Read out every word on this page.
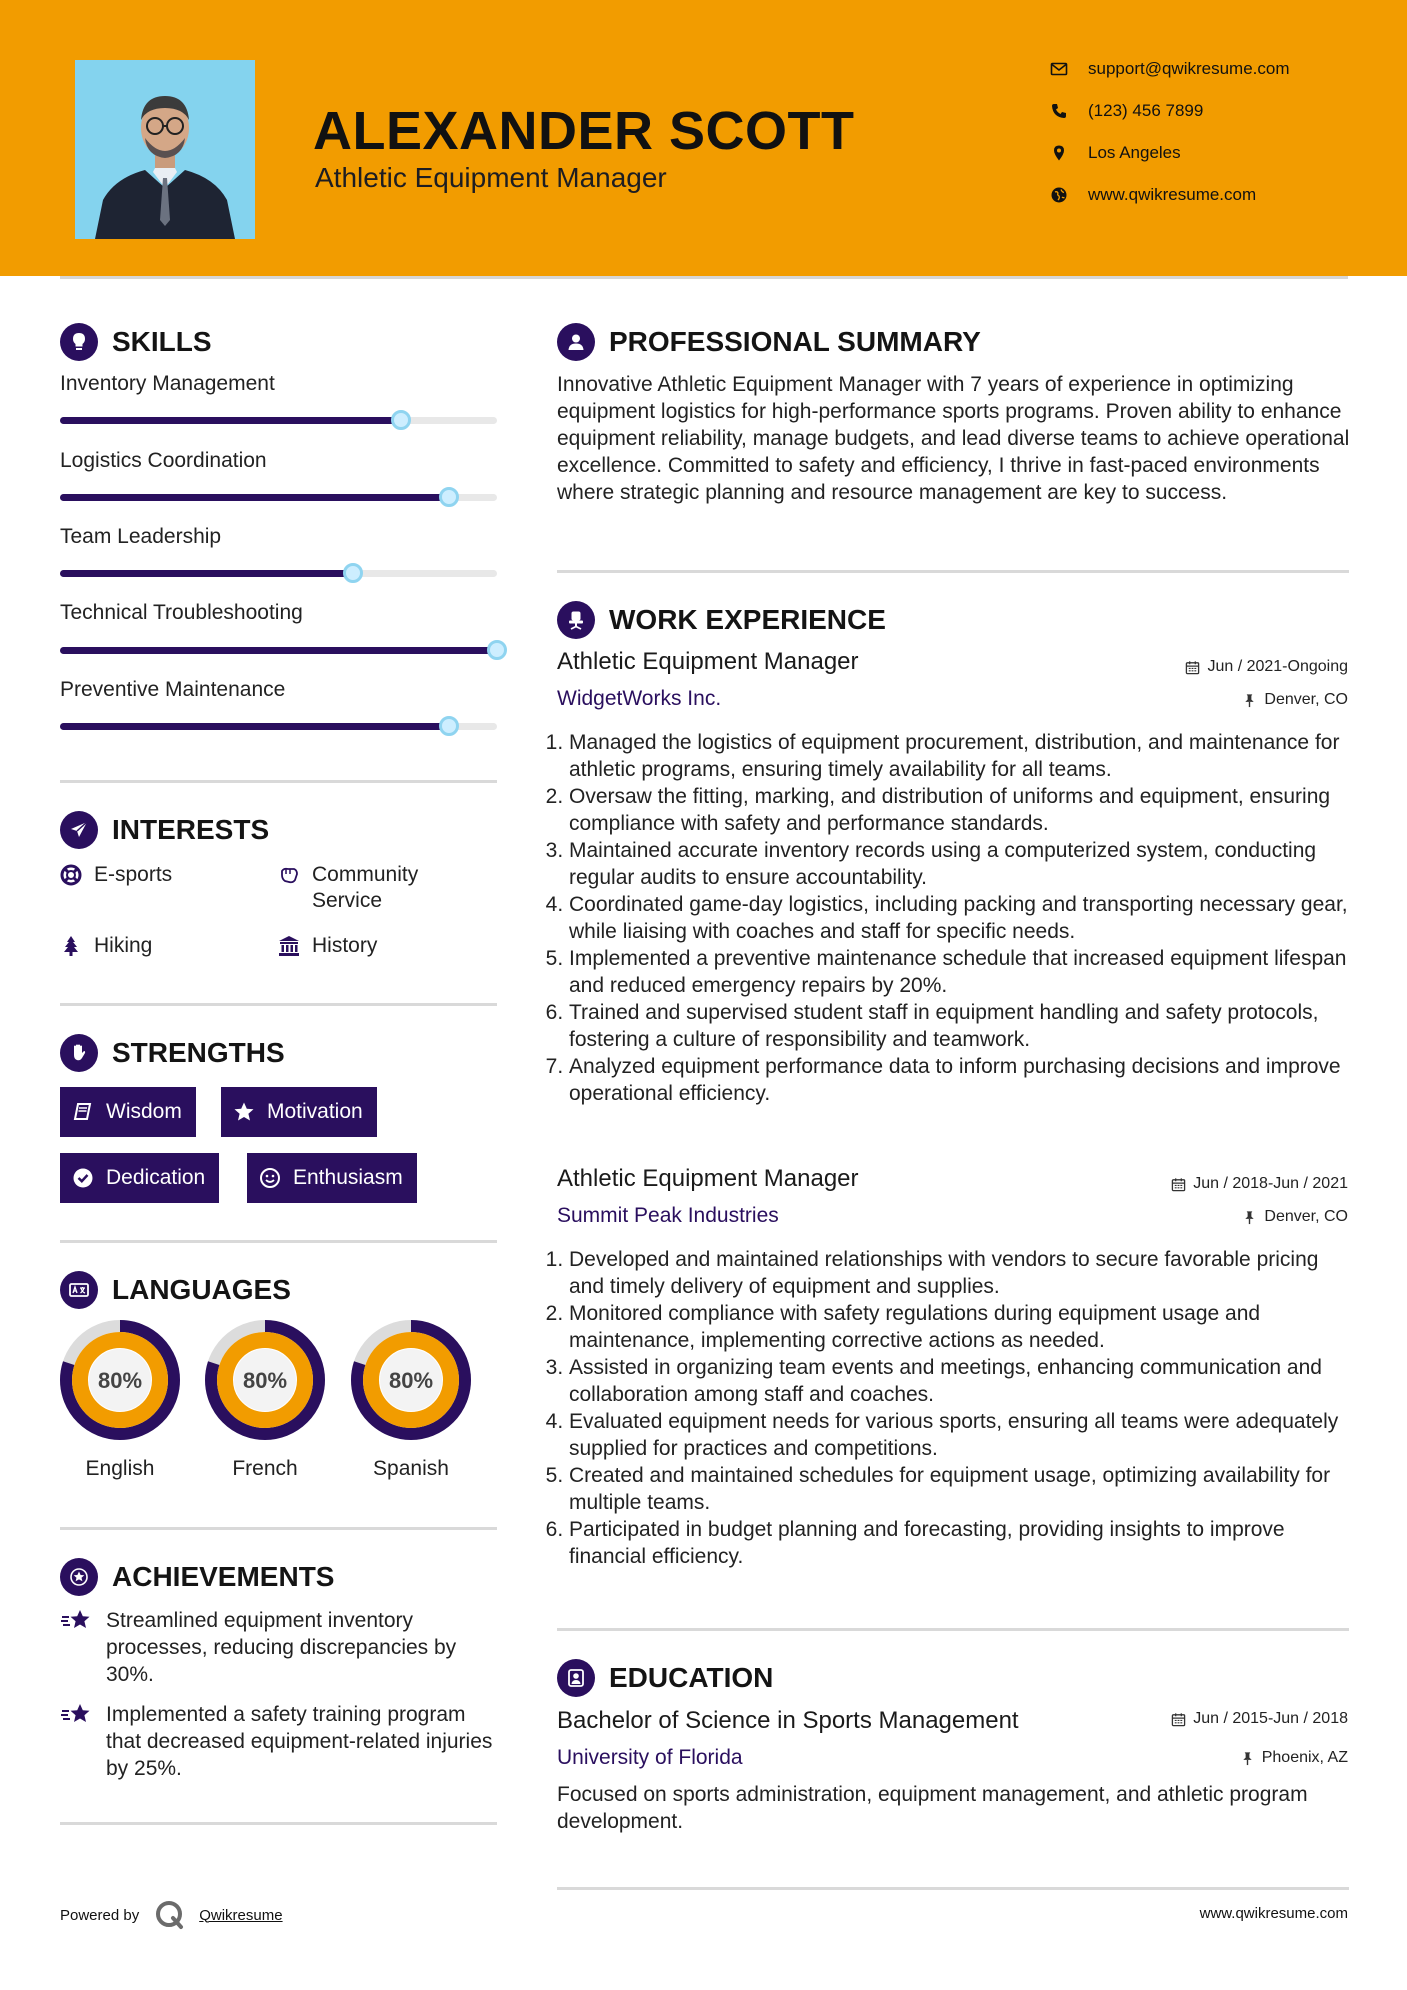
ALEXANDER SCOTT
Athletic Equipment Manager
support@qwikresume.com
(123) 456 7899
Los Angeles
www.qwikresume.com
SKILLS
Inventory Management
Logistics Coordination
Team Leadership
Technical Troubleshooting
Preventive Maintenance
INTERESTS
E-sports	Community Service
Hiking	History
STRENGTHS
Wisdom	Motivation
Dedication	Enthusiasm
LANGUAGES
80%
English
80%
French
80%
Spanish
ACHIEVEMENTS
Streamlined equipment inventory processes, reducing discrepancies by 30%.
Implemented a safety training program that decreased equipment-related injuries by 25%.
PROFESSIONAL SUMMARY
Innovative Athletic Equipment Manager with 7 years of experience in optimizing equipment logistics for high-performance sports programs. Proven ability to enhance equipment reliability, manage budgets, and lead diverse teams to achieve operational excellence. Committed to safety and efficiency, I thrive in fast-paced environments where strategic planning and resource management are key to success.
WORK EXPERIENCE
Athletic Equipment Manager	Jun / 2021-Ongoing
WidgetWorks Inc.	Denver, CO
1. Managed the logistics of equipment procurement, distribution, and maintenance for athletic programs, ensuring timely availability for all teams.
2. Oversaw the fitting, marking, and distribution of uniforms and equipment, ensuring compliance with safety and performance standards.
3. Maintained accurate inventory records using a computerized system, conducting regular audits to ensure accountability.
4. Coordinated game-day logistics, including packing and transporting necessary gear, while liaising with coaches and staff for specific needs.
5. Implemented a preventive maintenance schedule that increased equipment lifespan and reduced emergency repairs by 20%.
6. Trained and supervised student staff in equipment handling and safety protocols, fostering a culture of responsibility and teamwork.
7. Analyzed equipment performance data to inform purchasing decisions and improve operational efficiency.
Athletic Equipment Manager	Jun / 2018-Jun / 2021
Summit Peak Industries	Denver, CO
1. Developed and maintained relationships with vendors to secure favorable pricing and timely delivery of equipment and supplies.
2. Monitored compliance with safety regulations during equipment usage and maintenance, implementing corrective actions as needed.
3. Assisted in organizing team events and meetings, enhancing communication and collaboration among staff and coaches.
4. Evaluated equipment needs for various sports, ensuring all teams were adequately supplied for practices and competitions.
5. Created and maintained schedules for equipment usage, optimizing availability for multiple teams.
6. Participated in budget planning and forecasting, providing insights to improve financial efficiency.
EDUCATION
Bachelor of Science in Sports Management	Jun / 2015-Jun / 2018
University of Florida	Phoenix, AZ
Focused on sports administration, equipment management, and athletic program development.
Powered by	Qwikresume	www.qwikresume.com
